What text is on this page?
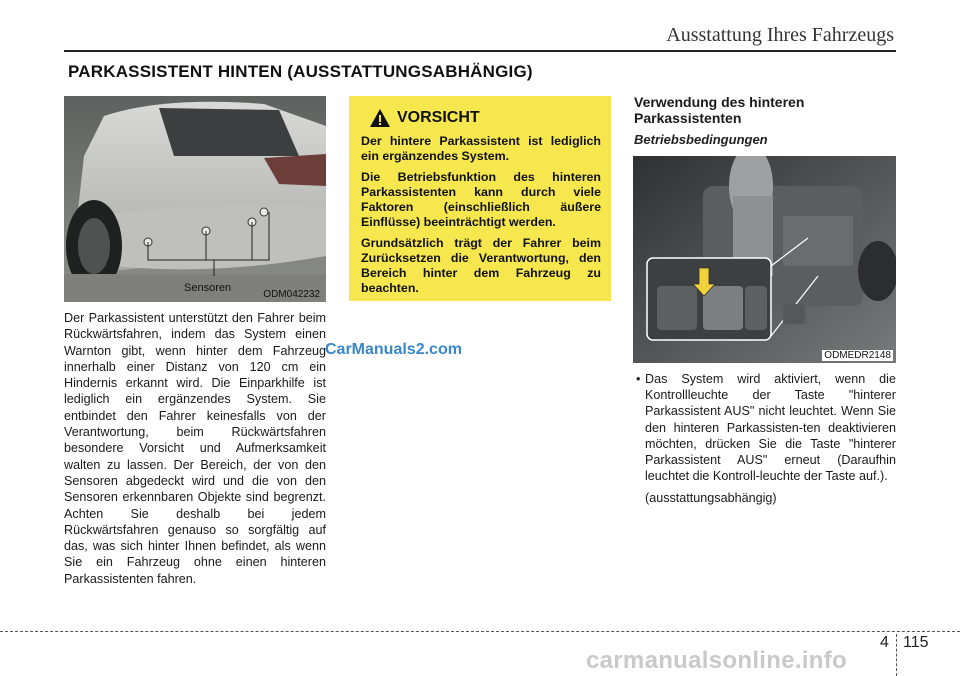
Ausstattung Ihres Fahrzeugs
PARKASSISTENT HINTEN (AUSSTATTUNGSABHÄNGIG)
Sensoren
ODM042232
Der Parkassistent unterstützt den Fahrer beim Rückwärtsfahren, indem das System einen Warnton gibt, wenn hinter dem Fahrzeug innerhalb einer Distanz von 120 cm ein Hindernis erkannt wird. Die Einparkhilfe ist lediglich ein ergänzendes System. Sie entbindet den Fahrer keinesfalls von der Verantwortung, beim Rückwärtsfahren besondere Vorsicht und Aufmerksamkeit walten zu lassen. Der Bereich, der von den Sensoren abgedeckt wird und die von den Sensoren erkennbaren Objekte sind begrenzt. Achten Sie deshalb bei jedem Rückwärtsfahren genauso so sorgfältig auf das, was sich hinter Ihnen befindet, als wenn Sie ein Fahrzeug ohne einen hinteren Parkassistenten fahren.
VORSICHT

Der hintere Parkassistent ist lediglich ein ergänzendes System.

Die Betriebsfunktion des hinteren Parkassistenten kann durch viele Faktoren (einschließlich äußere Einflüsse) beeinträchtigt werden.

Grundsätzlich trägt der Fahrer beim Zurücksetzen die Verantwortung, den Bereich hinter dem Fahrzeug zu beachten.

CarManuals2.com
Verwendung des hinteren Parkassistenten
Betriebsbedingungen
ODMEDR2148
• Das System wird aktiviert, wenn die Kontrollleuchte der Taste "hinterer Parkassistent AUS" nicht leuchtet. Wenn Sie den hinteren Parkassisten-ten deaktivieren möchten, drücken Sie die Taste "hinterer Parkassistent AUS" erneut (Daraufhin leuchtet die Kontroll-leuchte der Taste auf.).
(ausstattungsabhängig)
4 115
carmanualsonline.info
